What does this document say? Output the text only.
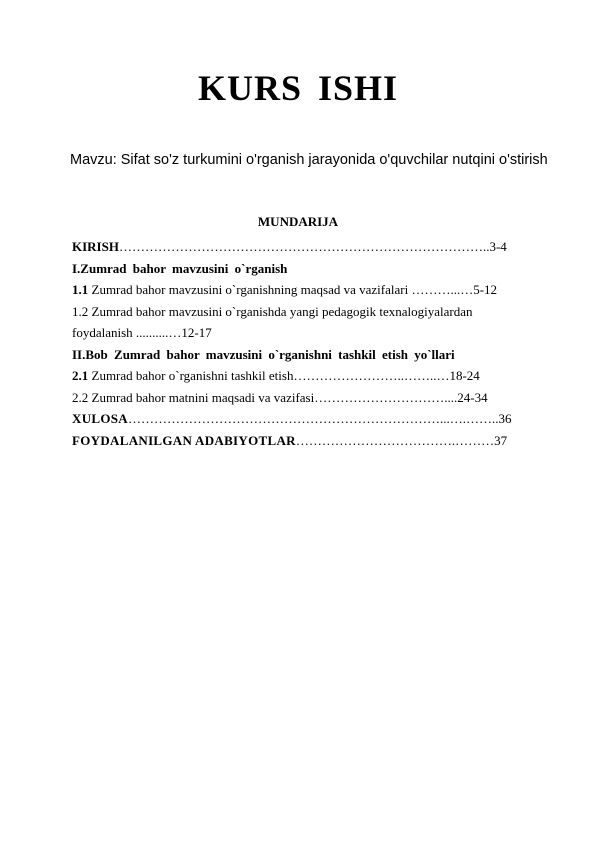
KURS ISHI
Mavzu: Sifat so'z turkumini o'rganish jarayonida o'quvchilar nutqini o'stirish
MUNDARIJA
KIRISH…………………………………………………………………………..3-4
I.Zumrad bahor mavzusini o`rganish
1.1 Zumrad bahor mavzusini o`rganishning maqsad va vazifalari ………...…5-12
1.2 Zumrad bahor mavzusini o`rganishda yangi pedagogik texnalogiyalardan
foydalanish ..........…12-17
II.Bob Zumrad bahor mavzusini o`rganishni tashkil etish yo`llari
2.1 Zumrad bahor o`rganishni tashkil etish……………………..……..…18-24
2.2 Zumrad bahor matnini maqsadi va vazifasi…………………………....24-34
XULOSA………………………………………………………………...….……..36
FOYDALANILGAN ADABIYOTLAR……………………………….………37
